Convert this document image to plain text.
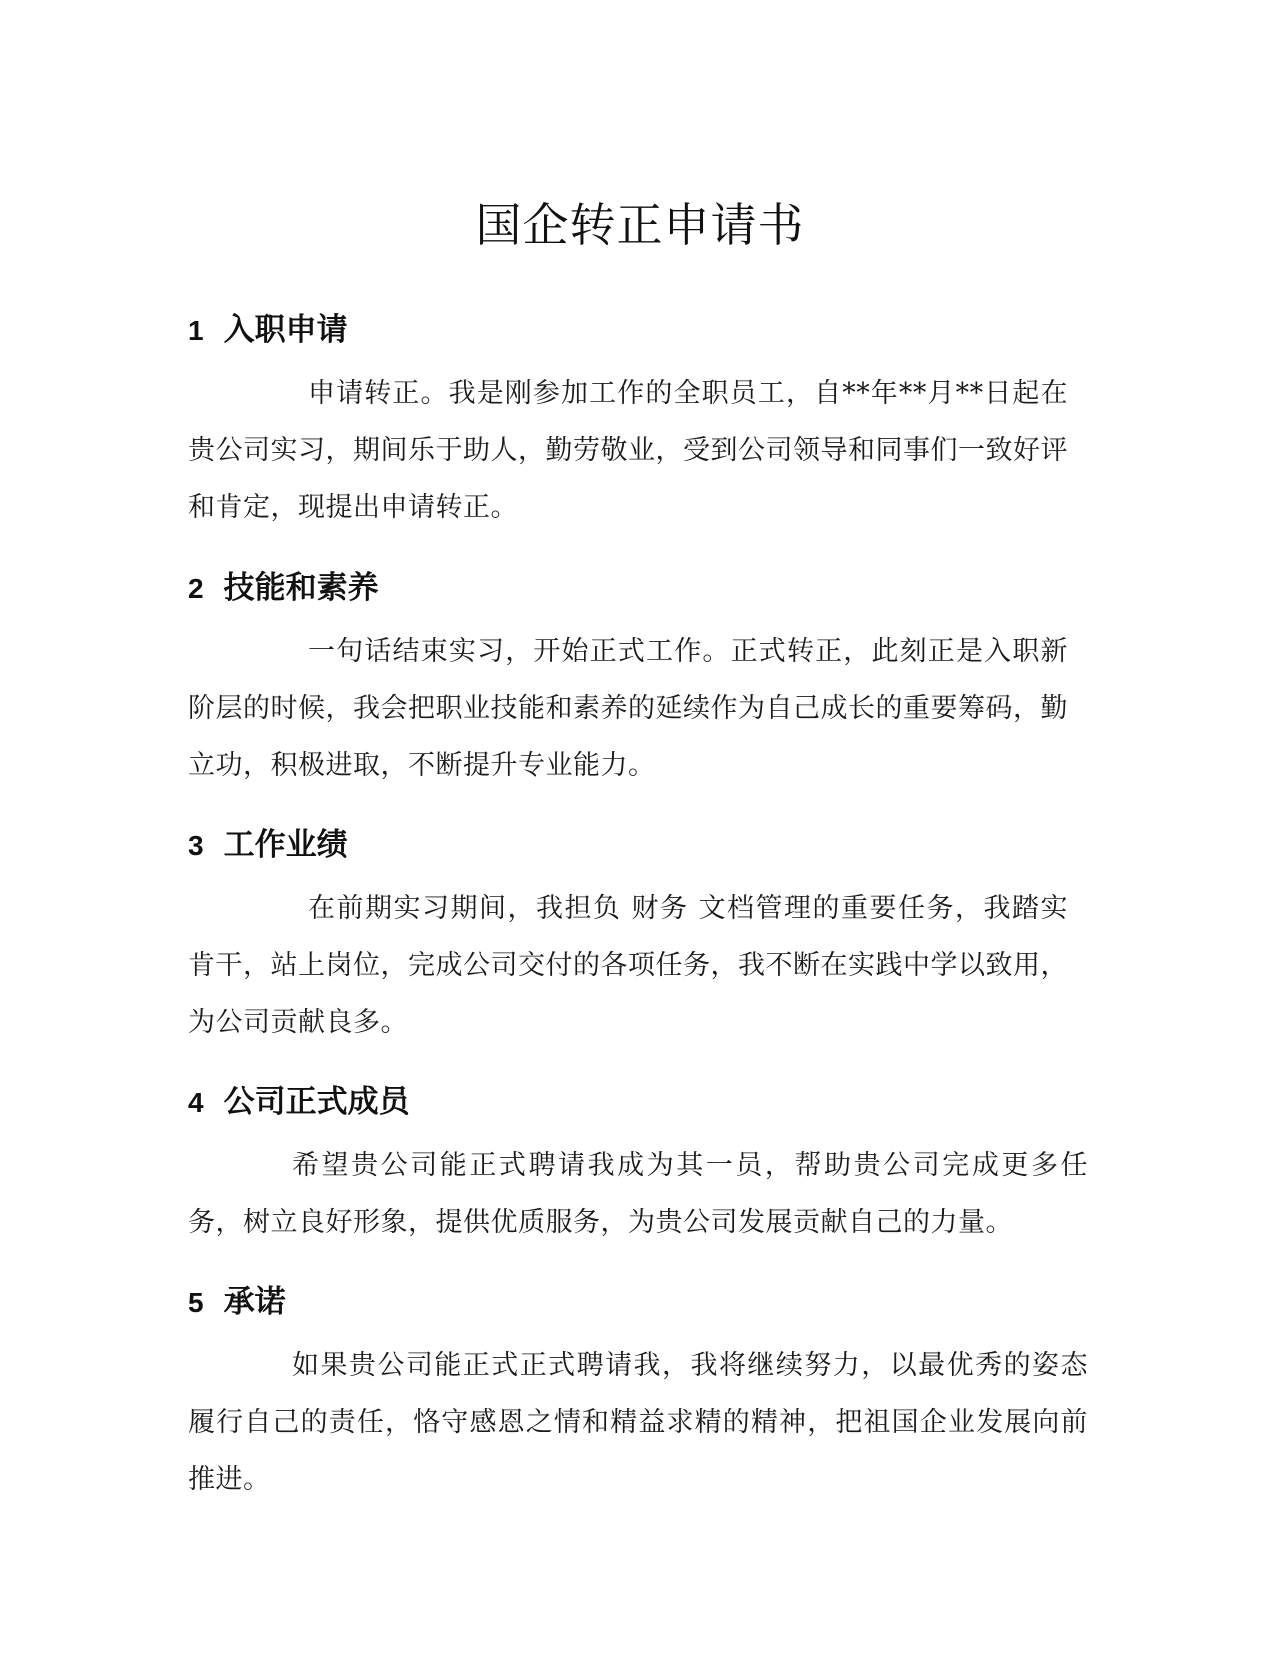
国企转正申请书
1 入职申请

申请转正。我是刚参加工作的全职员工，自**年**月**日起在贵公司实习，期间乐于助人，勤劳敬业，受到公司领导和同事们一致好评和肯定，现提出申请转正。

2 技能和素养

一句话结束实习，开始正式工作。正式转正，此刻正是入职新阶层的时候，我会把职业技能和素养的延续作为自己成长的重要筹码，勤立功，积极进取，不断提升专业能力。

3 工作业绩

在前期实习期间，我担负 财务 文档管理的重要任务，我踏实肯干，站上岗位，完成公司交付的各项任务，我不断在实践中学以致用，为公司贡献良多。

4 公司正式成员

希望贵公司能正式聘请我成为其一员，帮助贵公司完成更多任务，树立良好形象，提供优质服务，为贵公司发展贡献自己的力量。

5 承诺

如果贵公司能正式正式聘请我，我将继续努力，以最优秀的姿态履行自己的责任，恪守感恩之情和精益求精的精神，把祖国企业发展向前推进。
